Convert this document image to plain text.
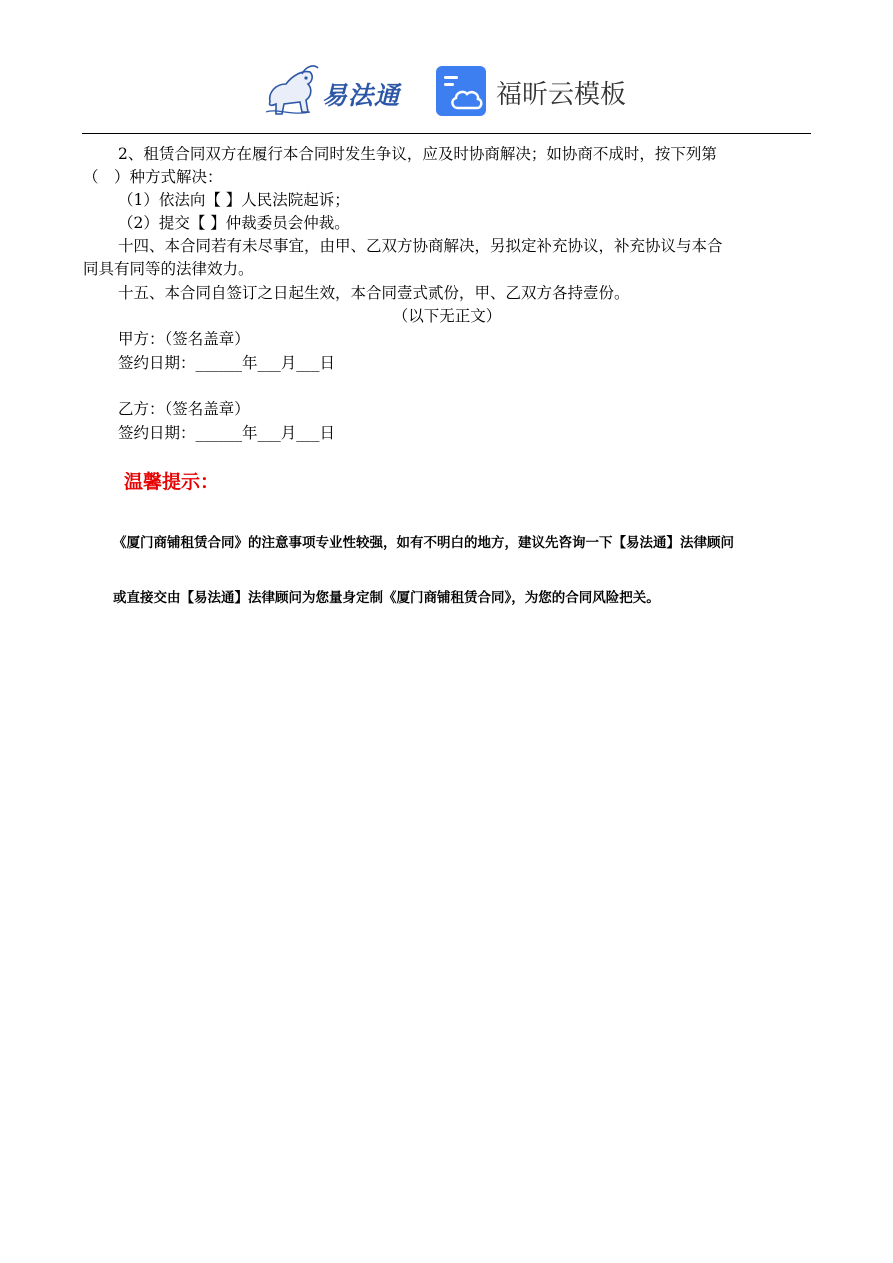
易法通	福昕云模板
2、租赁合同双方在履行本合同时发生争议，应及时协商解决；如协商不成时，按下列第
（　）种方式解决：
（1）依法向【 】人民法院起诉；
（2）提交【 】仲裁委员会仲裁。
十四、本合同若有未尽事宜，由甲、乙双方协商解决，另拟定补充协议，补充协议与本合
同具有同等的法律效力。
十五、本合同自签订之日起生效，本合同壹式贰份，甲、乙双方各持壹份。
（以下无正文）
甲方：（签名盖章）
签约日期：______年___月___日
乙方：（签名盖章）
签约日期：______年___月___日
温馨提示：
《厦门商铺租赁合同》的注意事项专业性较强，如有不明白的地方，建议先咨询一下【易法通】法律顾问
或直接交由【易法通】法律顾问为您量身定制《厦门商铺租赁合同》，为您的合同风险把关。
